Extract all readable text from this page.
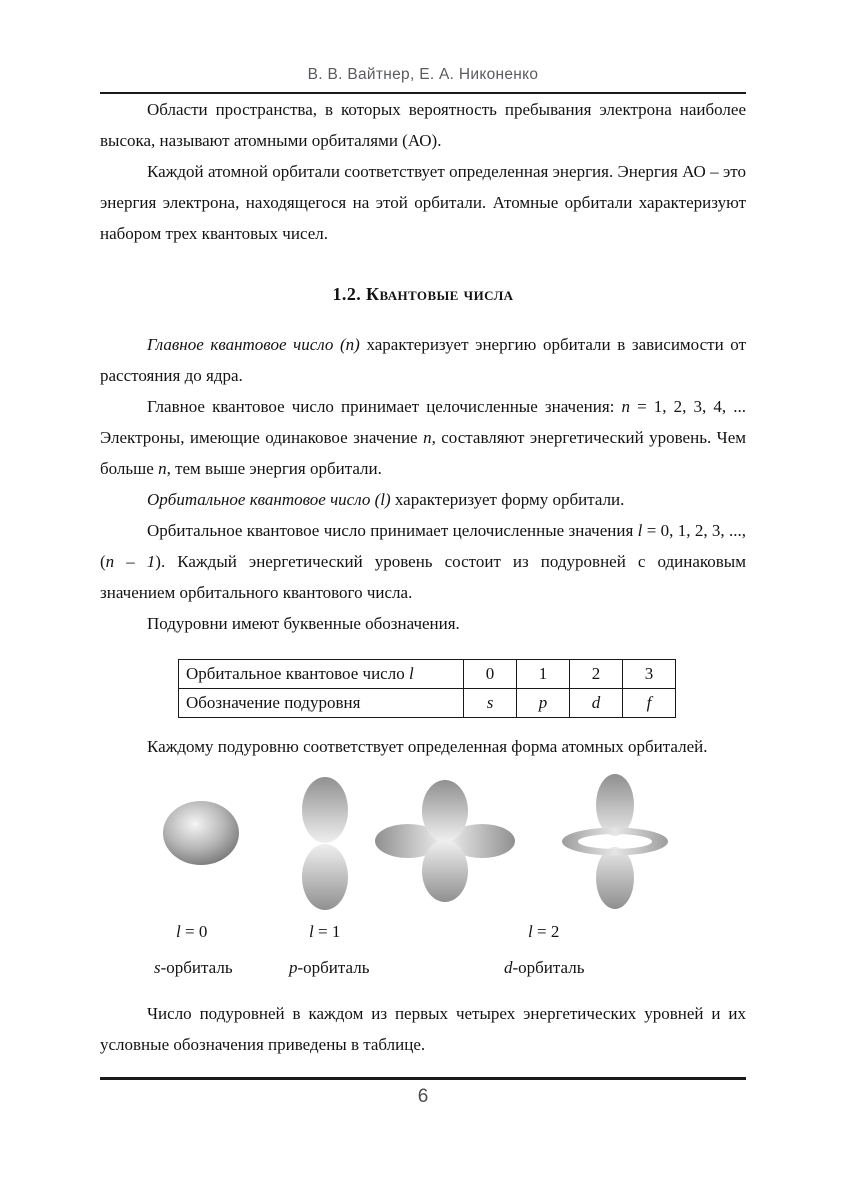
В. В. Вайтнер, Е. А. Никоненко

Области пространства, в которых вероятность пребывания электрона наиболее высока, называют атомными орбиталями (АО).

Каждой атомной орбитали соответствует определенная энергия. Энергия АО – это энергия электрона, находящегося на этой орбитали. Атомные орбитали характеризуют набором трех квантовых чисел.

1.2. Квантовые числа

Главное квантовое число (n) характеризует энергию орбитали в зависимости от расстояния до ядра.

Главное квантовое число принимает целочисленные значения: n = 1, 2, 3, 4, ... Электроны, имеющие одинаковое значение n, составляют энергетический уровень. Чем больше n, тем выше энергия орбитали.

Орбитальное квантовое число (l) характеризует форму орбитали.

Орбитальное квантовое число принимает целочисленные значения l = 0, 1, 2, 3, ..., (n – 1). Каждый энергетический уровень состоит из подуровней с одинаковым значением орбитального квантового числа.

Подуровни имеют буквенные обозначения.

Орбитальное квантовое число l	0	1	2	3
Обозначение подуровня	s	p	d	f

Каждому подуровню соответствует определенная форма атомных орбиталей.

l = 0	l = 1	l = 2
s-орбиталь	p-орбиталь	d-орбиталь

Число подуровней в каждом из первых четырех энергетических уровней и их условные обозначения приведены в таблице.

6
